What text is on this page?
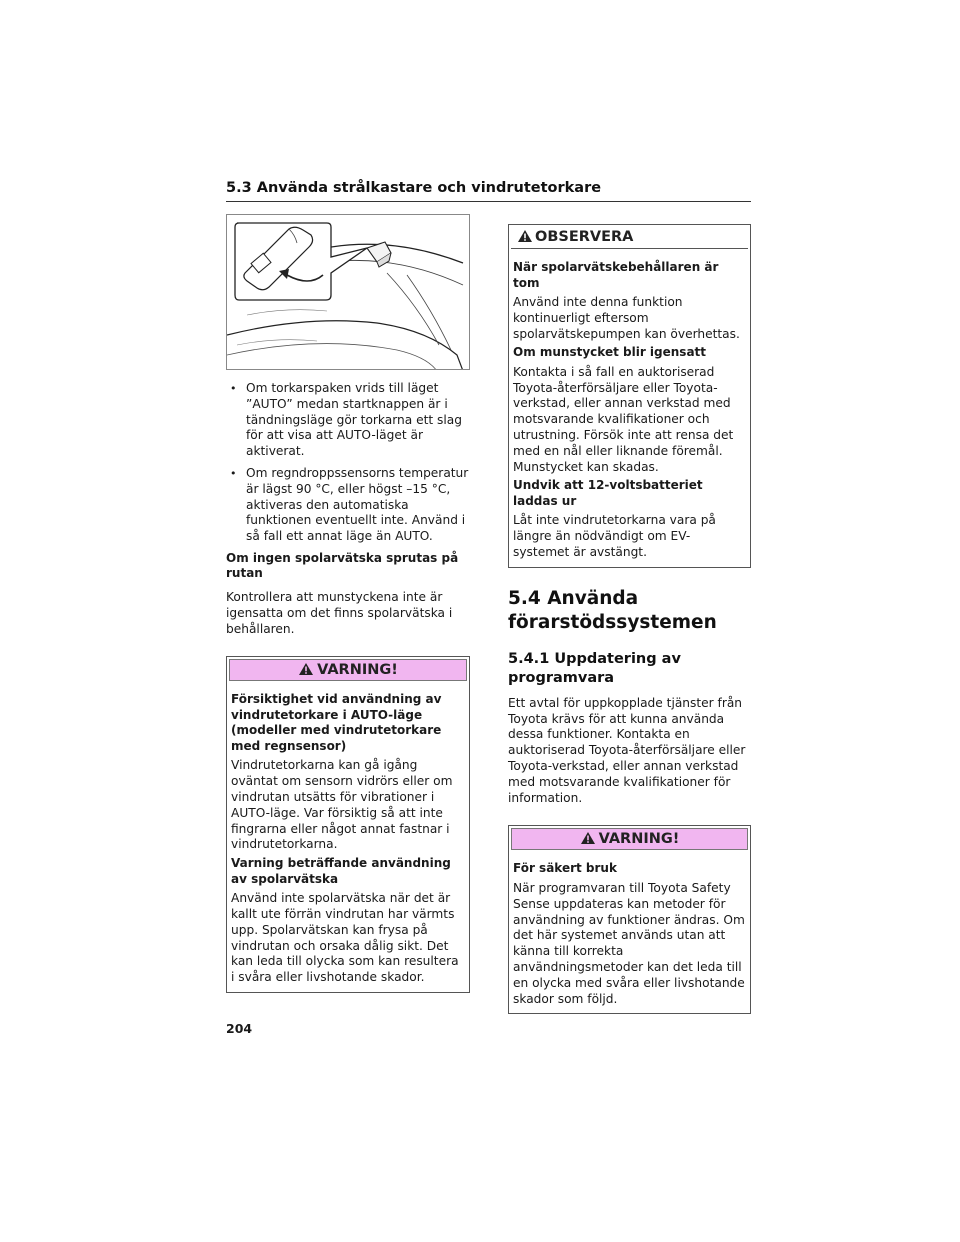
5.3 Använda strålkastare och vindrutetorkare
• Om torkarspaken vrids till läget ”AUTO” medan startknappen är i tändningsläge gör torkarna ett slag för att visa att AUTO-läget är aktiverat.
• Om regndroppssensorns temperatur är lägst 90 °C, eller högst –15 °C, aktiveras den automatiska funktionen eventuellt inte. Använd i så fall ett annat läge än AUTO.
Om ingen spolarvätska sprutas på rutan
Kontrollera att munstyckena inte är igensatta om det finns spolarvätska i behållaren.
VARNING!
Försiktighet vid användning av vindrutetorkare i AUTO-läge (modeller med vindrutetorkare med regnsensor)
Vindrutetorkarna kan gå igång oväntat om sensorn vidrörs eller om vindrutan utsätts för vibrationer i AUTO-läge. Var försiktig så att inte fingrarna eller något annat fastnar i vindrutetorkarna.
Varning beträffande användning av spolarvätska
Använd inte spolarvätska när det är kallt ute förrän vindrutan har värmts upp. Spolarvätskan kan frysa på vindrutan och orsaka dålig sikt. Det kan leda till olycka som kan resultera i svåra eller livshotande skador.
OBSERVERA
När spolarvätskebehållaren är tom
Använd inte denna funktion kontinuerligt eftersom spolarvätskepumpen kan överhettas.
Om munstycket blir igensatt
Kontakta i så fall en auktoriserad Toyota-återförsäljare eller Toyota-verkstad, eller annan verkstad med motsvarande kvalifikationer och utrustning. Försök inte att rensa det med en nål eller liknande föremål. Munstycket kan skadas.
Undvik att 12-voltsbatteriet laddas ur
Låt inte vindrutetorkarna vara på längre än nödvändigt om EV-systemet är avstängt.
5.4 Använda förarstödssystemen
5.4.1 Uppdatering av programvara
Ett avtal för uppkopplade tjänster från Toyota krävs för att kunna använda dessa funktioner. Kontakta en auktoriserad Toyota-återförsäljare eller Toyota-verkstad, eller annan verkstad med motsvarande kvalifikationer för information.
VARNING!
För säkert bruk
När programvaran till Toyota Safety Sense uppdateras kan metoder för användning av funktioner ändras. Om det här systemet används utan att känna till korrekta användningsmetoder kan det leda till en olycka med svåra eller livshotande skador som följd.
204
